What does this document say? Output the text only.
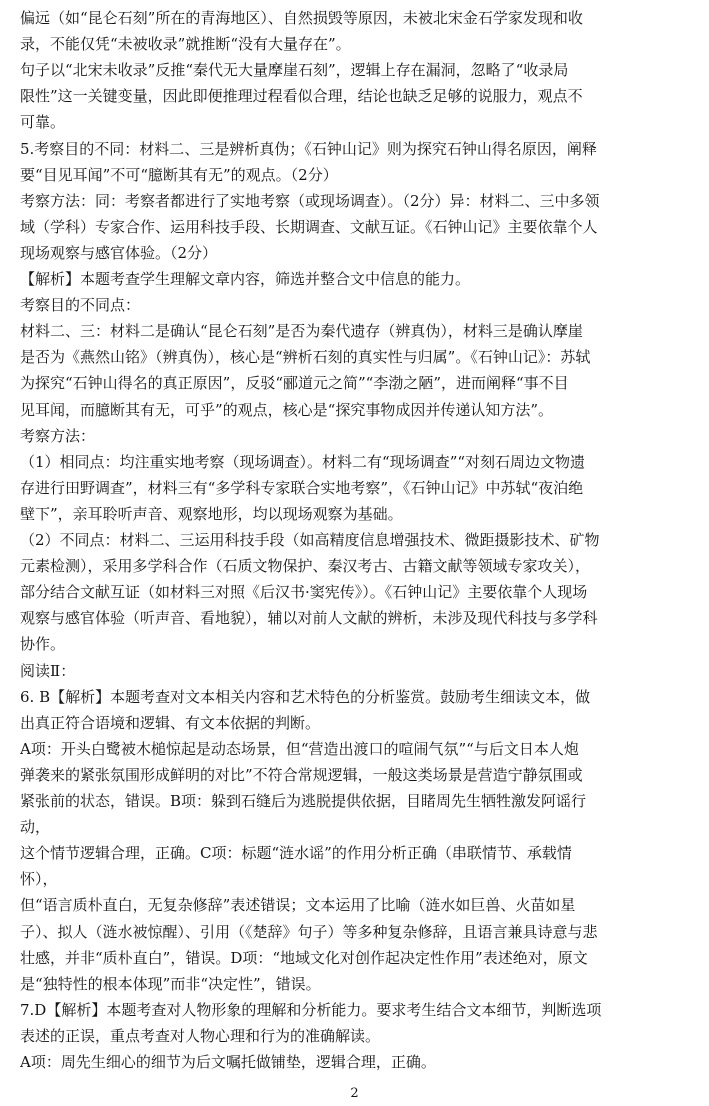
偏远（如“昆仑石刻”所在的青海地区）、自然损毁等原因，未被北宋金石学家发现和收
录，不能仅凭“未被收录”就推断“没有大量存在”。
句子以“北宋未收录”反推“秦代无大量摩崖石刻”，逻辑上存在漏洞，忽略了“收录局
限性”这一关键变量，因此即便推理过程看似合理，结论也缺乏足够的说服力，观点不
可靠。
5.考察目的不同：材料二、三是辨析真伪；《石钟山记》则为探究石钟山得名原因，阐释
要“目见耳闻”不可“臆断其有无”的观点。（2分）
考察方法：同：考察者都进行了实地考察（或现场调查）。（2分）异：材料二、三中多领
域（学科）专家合作、运用科技手段、长期调查、文献互证。《石钟山记》主要依靠个人
现场观察与感官体验。（2分）
【解析】本题考查学生理解文章内容，筛选并整合文中信息的能力。
考察目的不同点：
材料二、三：材料二是确认“昆仑石刻”是否为秦代遗存（辨真伪），材料三是确认摩崖
是否为《燕然山铭》（辨真伪），核心是“辨析石刻的真实性与归属”。《石钟山记》：苏轼
为探究“石钟山得名的真正原因”，反驳“郦道元之简”“李渤之陋”，进而阐释“事不目
见耳闻，而臆断其有无，可乎”的观点，核心是“探究事物成因并传递认知方法”。
考察方法：
（1）相同点：均注重实地考察（现场调查）。材料二有“现场调查”“对刻石周边文物遗
存进行田野调查”，材料三有“多学科专家联合实地考察”，《石钟山记》中苏轼“夜泊绝
壁下”，亲耳聆听声音、观察地形，均以现场观察为基础。
（2）不同点：材料二、三运用科技手段（如高精度信息增强技术、微距摄影技术、矿物
元素检测），采用多学科合作（石质文物保护、秦汉考古、古籍文献等领域专家攻关），
部分结合文献互证（如材料三对照《后汉书·窦宪传》）。《石钟山记》主要依靠个人现场
观察与感官体验（听声音、看地貌），辅以对前人文献的辨析，未涉及现代科技与多学科
协作。
阅读Ⅱ：
6. B【解析】本题考查对文本相关内容和艺术特色的分析鉴赏。鼓励考生细读文本，做
出真正符合语境和逻辑、有文本依据的判断。
A项：开头白鹭被木槌惊起是动态场景，但“营造出渡口的喧闹气氛”“与后文日本人炮
弹袭来的紧张氛围形成鲜明的对比”不符合常规逻辑，一般这类场景是营造宁静氛围或
紧张前的状态，错误。B项：躲到石缝后为逃脱提供依据，目睹周先生牺牲激发阿谣行
动，
这个情节逻辑合理，正确。C项：标题“涟水谣”的作用分析正确（串联情节、承载情
怀），
但“语言质朴直白，无复杂修辞”表述错误；文本运用了比喻（涟水如巨兽、火苗如星
子）、拟人（涟水被惊醒）、引用（《楚辞》句子）等多种复杂修辞，且语言兼具诗意与悲
壮感，并非“质朴直白”，错误。D项：“地域文化对创作起决定性作用”表述绝对，原文
是“独特性的根本体现”而非“决定性”，错误。
7.D【解析】本题考查对人物形象的理解和分析能力。要求考生结合文本细节，判断选项
表述的正误，重点考查对人物心理和行为的准确解读。
A项：周先生细心的细节为后文嘱托做铺垫，逻辑合理，正确。
2
